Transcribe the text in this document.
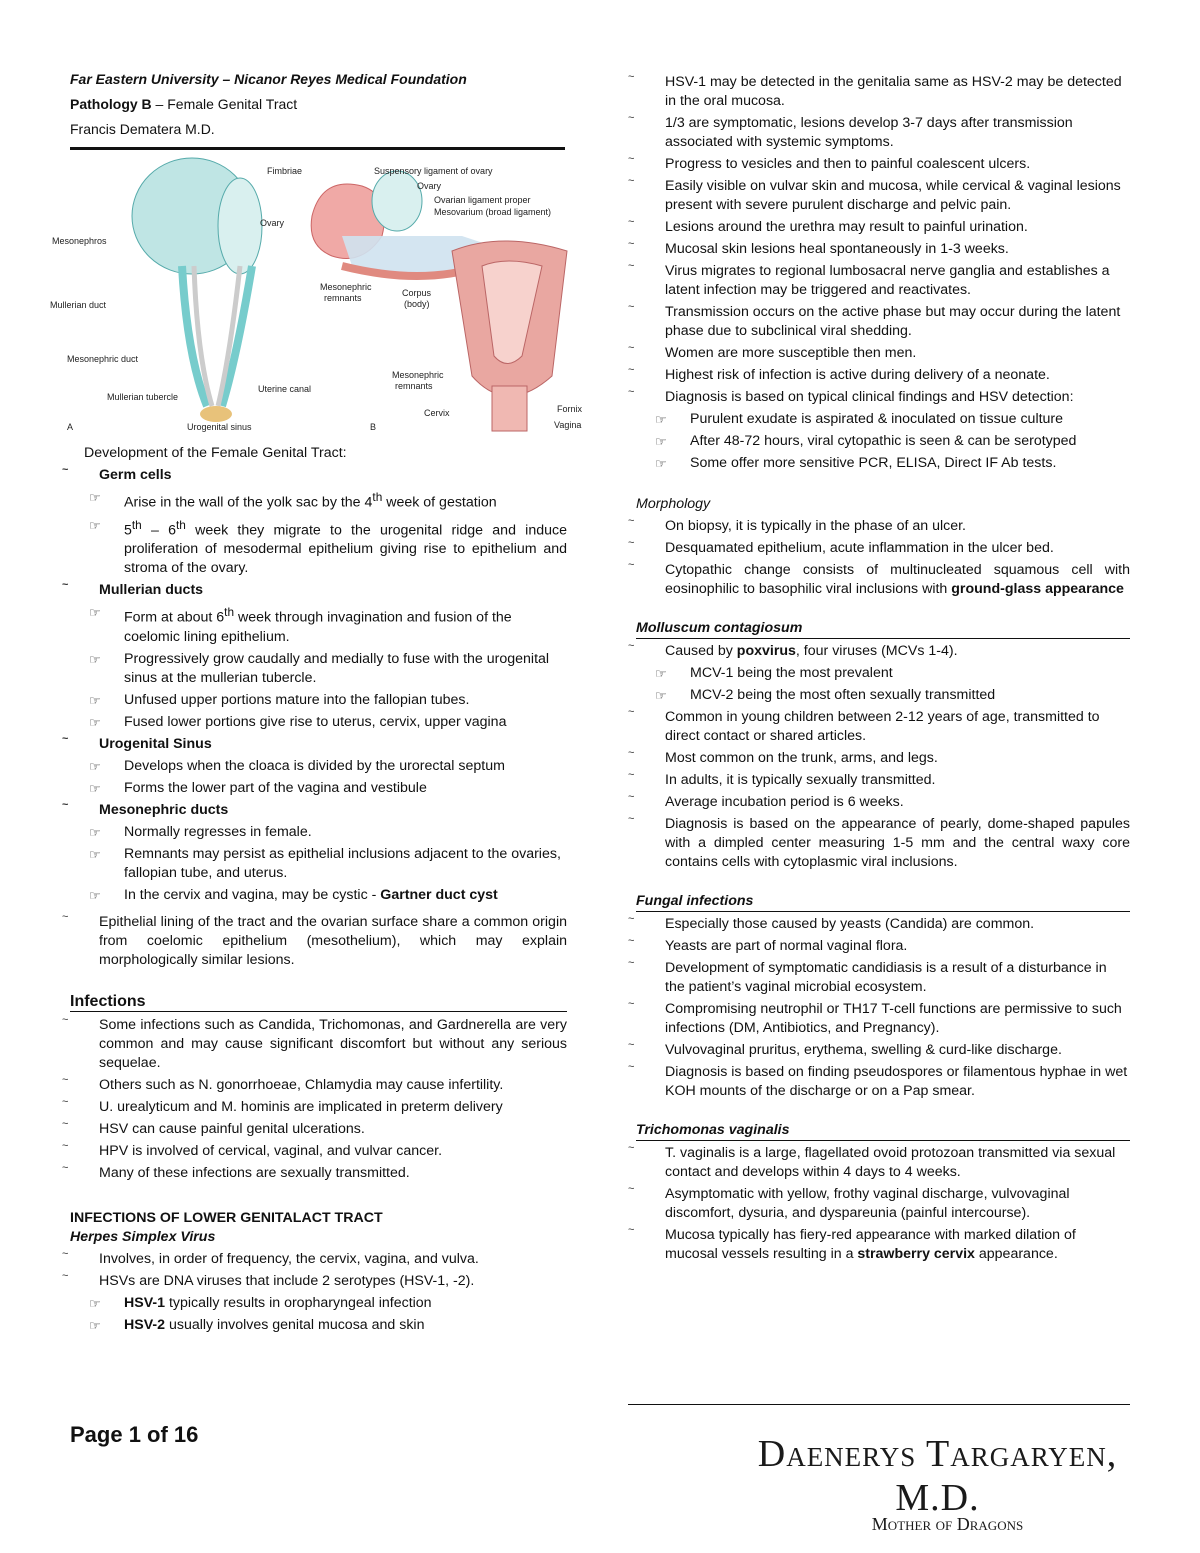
Far Eastern University – Nicanor Reyes Medical Foundation
Pathology B – Female Genital Tract
Francis Dematera M.D.
Mesonephros
Mullerian duct
Mesonephric duct
Mullerian tubercle
Ovary
Uterine canal
Urogenital sinus
A
Fimbriae	Suspensory ligament of ovary
Ovary
Ovarian ligament proper
Mesovarium (broad ligament)
Mesonephric
remnants	Corpus
(body)
Mesonephric
remnants
Cervix	Fornix
Vagina
B
Development of the Female Genital Tract:
~ Germ cells
☞ Arise in the wall of the yolk sac by the 4th week of gestation
☞ 5th – 6th week they migrate to the urogenital ridge and induce proliferation of mesodermal epithelium giving rise to epithelium and stroma of the ovary.
~ Mullerian ducts
☞ Form at about 6th week through invagination and fusion of the coelomic lining epithelium.
☞ Progressively grow caudally and medially to fuse with the urogenital sinus at the mullerian tubercle.
☞ Unfused upper portions mature into the fallopian tubes.
☞ Fused lower portions give rise to uterus, cervix, upper vagina
~ Urogenital Sinus
☞ Develops when the cloaca is divided by the urorectal septum
☞ Forms the lower part of the vagina and vestibule
~ Mesonephric ducts
☞ Normally regresses in female.
☞ Remnants may persist as epithelial inclusions adjacent to the ovaries, fallopian tube, and uterus.
☞ In the cervix and vagina, may be cystic - Gartner duct cyst
~ Epithelial lining of the tract and the ovarian surface share a common origin from coelomic epithelium (mesothelium), which may explain morphologically similar lesions.
Infections
~ Some infections such as Candida, Trichomonas, and Gardnerella are very common and may cause significant discomfort but without any serious sequelae.
~ Others such as N. gonorrhoeae, Chlamydia may cause infertility.
~ U. urealyticum and M. hominis are implicated in preterm delivery
~ HSV can cause painful genital ulcerations.
~ HPV is involved of cervical, vaginal, and vulvar cancer.
~ Many of these infections are sexually transmitted.
INFECTIONS OF LOWER GENITALACT TRACT
Herpes Simplex Virus
~ Involves, in order of frequency, the cervix, vagina, and vulva.
~ HSVs are DNA viruses that include 2 serotypes (HSV-1, -2).
☞ HSV-1 typically results in oropharyngeal infection
☞ HSV-2 usually involves genital mucosa and skin
~ HSV-1 may be detected in the genitalia same as HSV-2 may be detected in the oral mucosa.
~ 1/3 are symptomatic, lesions develop 3-7 days after transmission associated with systemic symptoms.
~ Progress to vesicles and then to painful coalescent ulcers.
~ Easily visible on vulvar skin and mucosa, while cervical & vaginal lesions present with severe purulent discharge and pelvic pain.
~ Lesions around the urethra may result to painful urination.
~ Mucosal skin lesions heal spontaneously in 1-3 weeks.
~ Virus migrates to regional lumbosacral nerve ganglia and establishes a latent infection may be triggered and reactivates.
~ Transmission occurs on the active phase but may occur during the latent phase due to subclinical viral shedding.
~ Women are more susceptible then men.
~ Highest risk of infection is active during delivery of a neonate.
~ Diagnosis is based on typical clinical findings and HSV detection:
☞ Purulent exudate is aspirated & inoculated on tissue culture
☞ After 48-72 hours, viral cytopathic is seen & can be serotyped
☞ Some offer more sensitive PCR, ELISA, Direct IF Ab tests.
Morphology
~ On biopsy, it is typically in the phase of an ulcer.
~ Desquamated epithelium, acute inflammation in the ulcer bed.
~ Cytopathic change consists of multinucleated squamous cell with eosinophilic to basophilic viral inclusions with ground-glass appearance
Molluscum contagiosum
~ Caused by poxvirus, four viruses (MCVs 1-4).
☞ MCV-1 being the most prevalent
☞ MCV-2 being the most often sexually transmitted
~ Common in young children between 2-12 years of age, transmitted to direct contact or shared articles.
~ Most common on the trunk, arms, and legs.
~ In adults, it is typically sexually transmitted.
~ Average incubation period is 6 weeks.
~ Diagnosis is based on the appearance of pearly, dome-shaped papules with a dimpled center measuring 1-5 mm and the central waxy core contains cells with cytoplasmic viral inclusions.
Fungal infections
~ Especially those caused by yeasts (Candida) are common.
~ Yeasts are part of normal vaginal flora.
~ Development of symptomatic candidiasis is a result of a disturbance in the patient’s vaginal microbial ecosystem.
~ Compromising neutrophil or TH17 T-cell functions are permissive to such infections (DM, Antibiotics, and Pregnancy).
~ Vulvovaginal pruritus, erythema, swelling & curd-like discharge.
~ Diagnosis is based on finding pseudospores or filamentous hyphae in wet KOH mounts of the discharge or on a Pap smear.
Trichomonas vaginalis
~ T. vaginalis is a large, flagellated ovoid protozoan transmitted via sexual contact and develops within 4 days to 4 weeks.
~ Asymptomatic with yellow, frothy vaginal discharge, vulvovaginal discomfort, dysuria, and dyspareunia (painful intercourse).
~ Mucosa typically has fiery-red appearance with marked dilation of mucosal vessels resulting in a strawberry cervix appearance.
Page 1 of 16	Daenerys Targaryen, M.D.
Mother of Dragons
